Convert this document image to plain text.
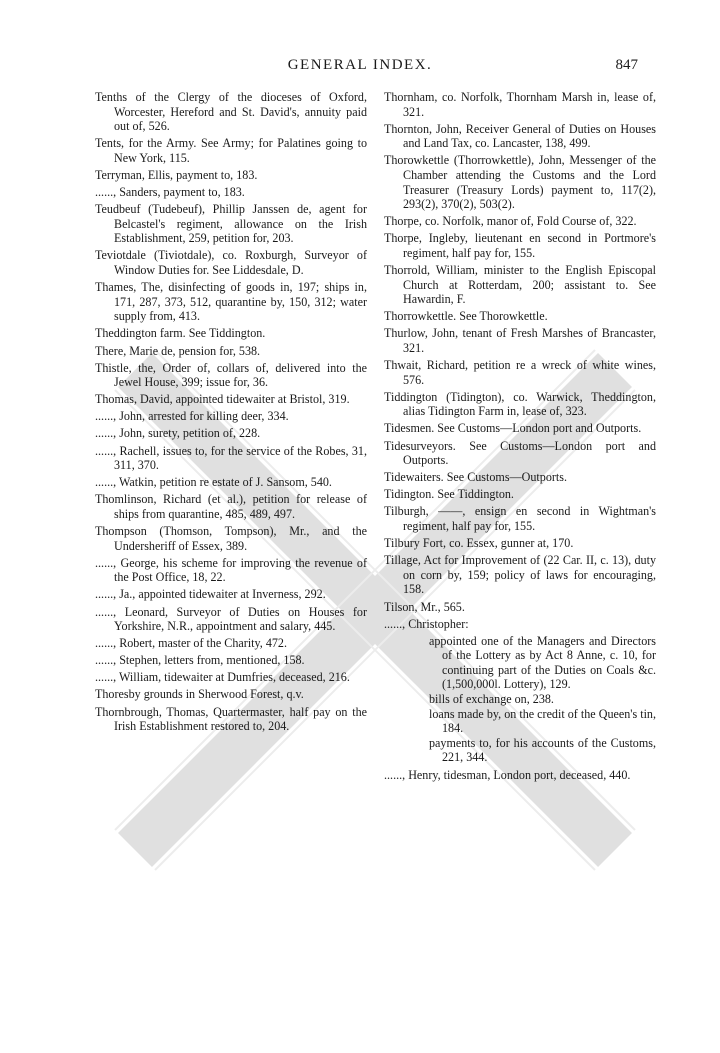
GENERAL INDEX.	847

Tenths of the Clergy of the dioceses of Oxford, Worcester, Hereford and St. David's, annuity paid out of, 526.

Tents, for the Army. See Army; for Palatines going to New York, 115.

Terryman, Ellis, payment to, 183.

......, Sanders, payment to, 183.

Teudbeuf (Tudebeuf), Phillip Janssen de, agent for Belcastel's regiment, allowance on the Irish Establishment, 259, petition for, 203.

Teviotdale (Tiviotdale), co. Roxburgh, Surveyor of Window Duties for. See Liddesdale, D.

Thames, The, disinfecting of goods in, 197; ships in, 171, 287, 373, 512, quarantine by, 150, 312; water supply from, 413.

Theddington farm. See Tiddington.

There, Marie de, pension for, 538.

Thistle, the, Order of, collars of, delivered into the Jewel House, 399; issue for, 36.

Thomas, David, appointed tidewaiter at Bristol, 319.

......, John, arrested for killing deer, 334.

......, John, surety, petition of, 228.

......, Rachell, issues to, for the service of the Robes, 31, 311, 370.

......, Watkin, petition re estate of J. Sansom, 540.

Thomlinson, Richard (et al.), petition for release of ships from quarantine, 485, 489, 497.

Thompson (Thomson, Tompson), Mr., and the Undersheriff of Essex, 389.

......, George, his scheme for improving the revenue of the Post Office, 18, 22.

......, Ja., appointed tidewaiter at Inverness, 292.

......, Leonard, Surveyor of Duties on Houses for Yorkshire, N.R., appointment and salary, 445.

......, Robert, master of the Charity, 472.

......, Stephen, letters from, mentioned, 158.

......, William, tidewaiter at Dumfries, deceased, 216.

Thoresby grounds in Sherwood Forest, q.v.

Thornbrough, Thomas, Quartermaster, half pay on the Irish Establishment restored to, 204.

Thornham, co. Norfolk, Thornham Marsh in, lease of, 321.

Thornton, John, Receiver General of Duties on Houses and Land Tax, co. Lancaster, 138, 499.

Thorowkettle (Thorrowkettle), John, Messenger of the Chamber attending the Customs and the Lord Treasurer (Treasury Lords) payment to, 117(2), 293(2), 370(2), 503(2).

Thorpe, co. Norfolk, manor of, Fold Course of, 322.

Thorpe, Ingleby, lieutenant en second in Portmore's regiment, half pay for, 155.

Thorrold, William, minister to the English Episcopal Church at Rotterdam, 200; assistant to. See Hawardin, F.

Thorrowkettle. See Thorowkettle.

Thurlow, John, tenant of Fresh Marshes of Brancaster, 321.

Thwait, Richard, petition re a wreck of white wines, 576.

Tiddington (Tidington), co. Warwick, Theddington, alias Tidington Farm in, lease of, 323.

Tidesmen. See Customs—London port and Outports.

Tidesurveyors. See Customs—London port and Outports.

Tidewaiters. See Customs—Outports.

Tidington. See Tiddington.

Tilburgh, ——, ensign en second in Wightman's regiment, half pay for, 155.

Tilbury Fort, co. Essex, gunner at, 170.

Tillage, Act for Improvement of (22 Car. II, c. 13), duty on corn by, 159; policy of laws for encouraging, 158.

Tilson, Mr., 565.

......, Christopher:

appointed one of the Managers and Directors of the Lottery as by Act 8 Anne, c. 10, for continuing part of the Duties on Coals &c. (1,500,000l. Lottery), 129.

bills of exchange on, 238.

loans made by, on the credit of the Queen's tin, 184.

payments to, for his accounts of the Customs, 221, 344.

......, Henry, tidesman, London port, deceased, 440.
